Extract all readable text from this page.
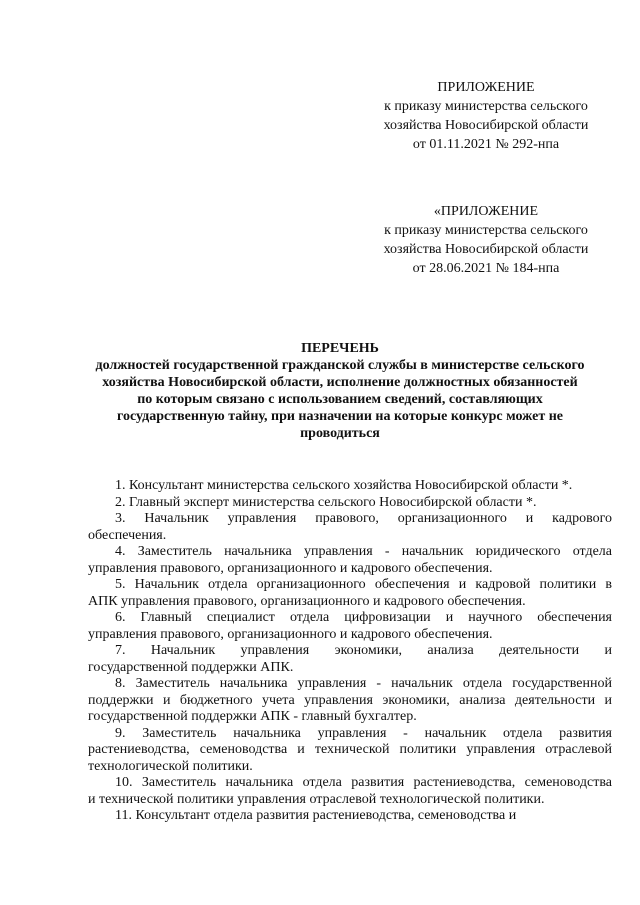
ПРИЛОЖЕНИЕ
к приказу министерства сельского
хозяйства Новосибирской области
от 01.11.2021 № 292-нпа
«ПРИЛОЖЕНИЕ
к приказу министерства сельского
хозяйства Новосибирской области
от 28.06.2021 № 184-нпа
ПЕРЕЧЕНЬ
должностей государственной гражданской службы в министерстве сельского
хозяйства Новосибирской области, исполнение должностных обязанностей
по которым связано с использованием сведений, составляющих
государственную тайну, при назначении на которые конкурс может не
проводиться
1. Консультант министерства сельского хозяйства Новосибирской области *.
2. Главный эксперт министерства сельского Новосибирской области *.
3. Начальник управления правового, организационного и кадрового
обеспечения.
4. Заместитель начальника управления - начальник юридического отдела
управления правового, организационного и кадрового обеспечения.
5. Начальник отдела организационного обеспечения и кадровой политики в
АПК управления правового, организационного и кадрового обеспечения.
6. Главный специалист отдела цифровизации и научного обеспечения
управления правового, организационного и кадрового обеспечения.
7. Начальник управления экономики, анализа деятельности и
государственной поддержки АПК.
8. Заместитель начальника управления - начальник отдела государственной
поддержки и бюджетного учета управления экономики, анализа деятельности и
государственной поддержки АПК - главный бухгалтер.
9. Заместитель начальника управления - начальник отдела развития
растениеводства, семеноводства и технической политики управления отраслевой
технологической политики.
10. Заместитель начальника отдела развития растениеводства, семеноводства
и технической политики управления отраслевой технологической политики.
11. Консультант отдела развития растениеводства, семеноводства и
